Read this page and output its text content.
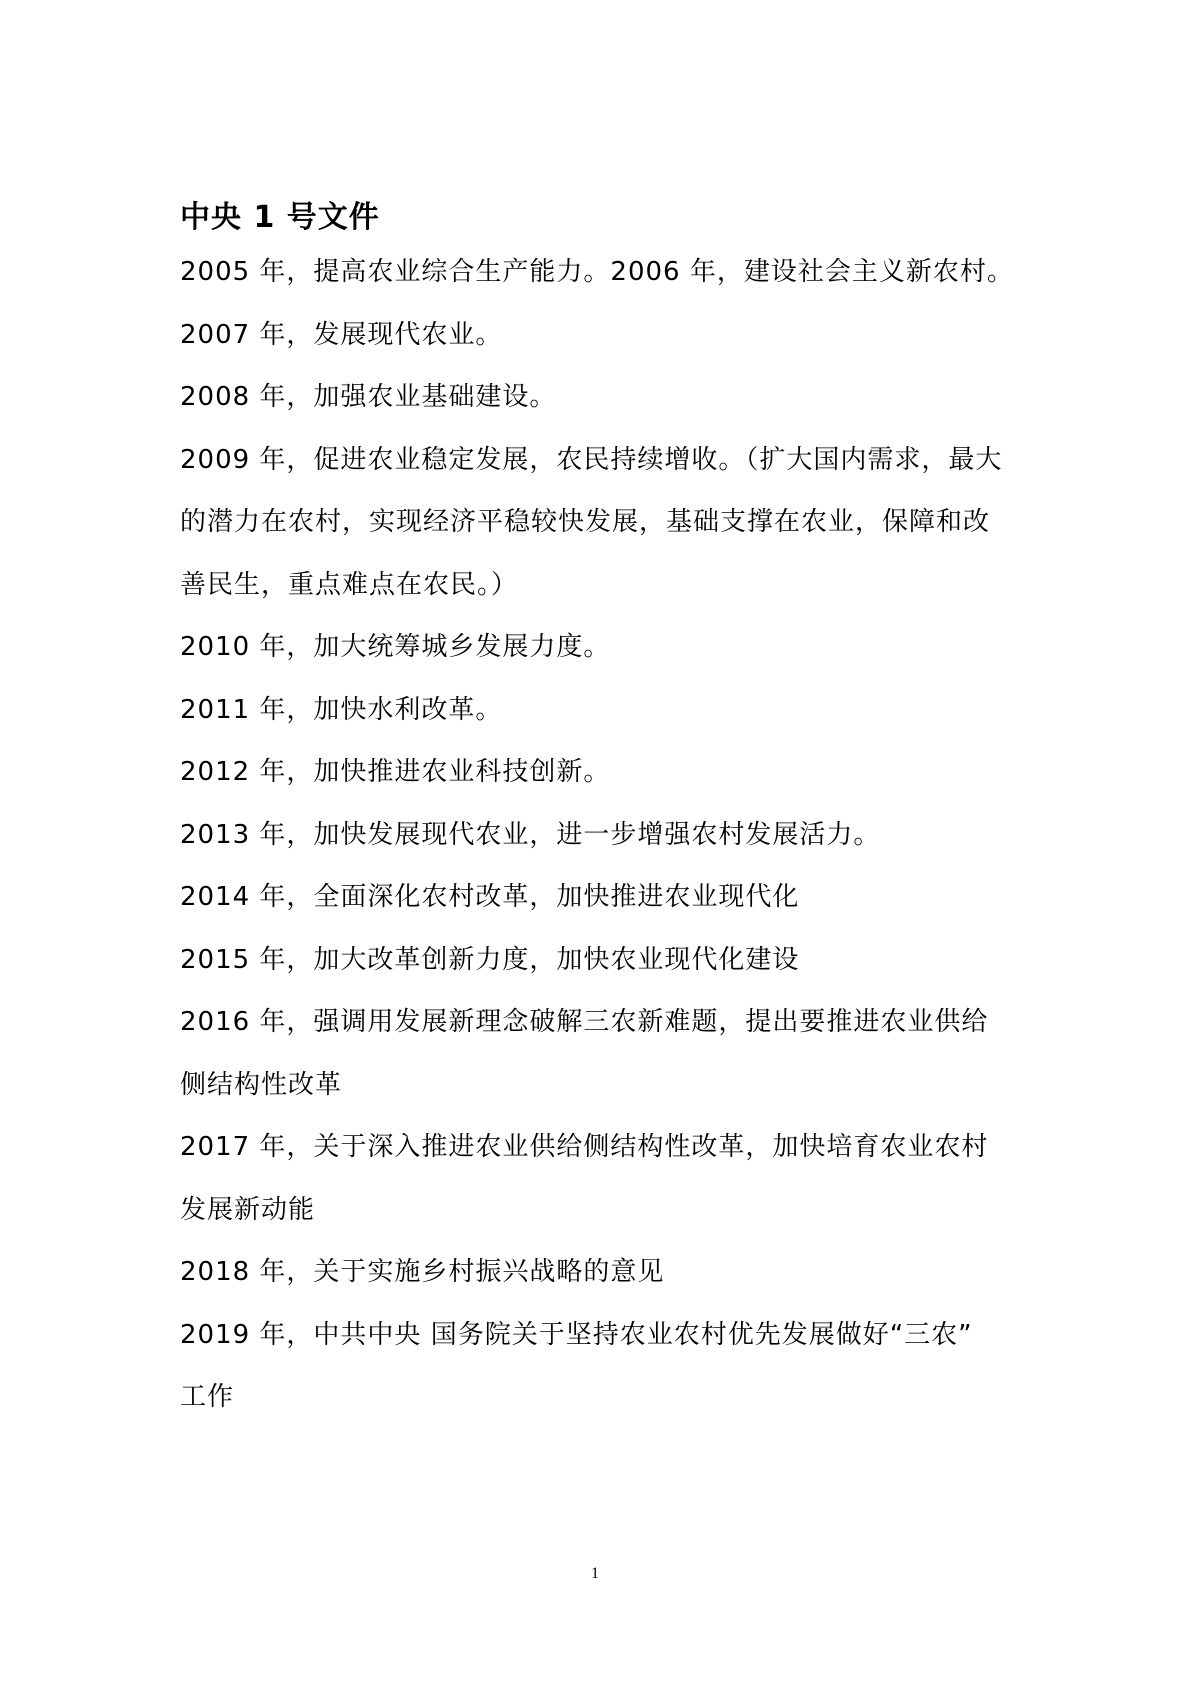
中央 1 号文件

2005 年，提高农业综合生产能力。2006 年，建设社会主义新农村。

2007 年，发展现代农业。

2008 年，加强农业基础建设。

2009 年，促进农业稳定发展，农民持续增收。（扩大国内需求，最大
的潜力在农村，实现经济平稳较快发展，基础支撑在农业，保障和改
善民生，重点难点在农民。）

2010 年，加大统筹城乡发展力度。

2011 年，加快水利改革。

2012 年，加快推进农业科技创新。

2013 年，加快发展现代农业，进一步增强农村发展活力。

2014 年，全面深化农村改革，加快推进农业现代化

2015 年，加大改革创新力度，加快农业现代化建设

2016 年，强调用发展新理念破解三农新难题，提出要推进农业供给
侧结构性改革

2017 年，关于深入推进农业供给侧结构性改革，加快培育农业农村
发展新动能

2018 年，关于实施乡村振兴战略的意见

2019 年，中共中央 国务院关于坚持农业农村优先发展做好“三农”
工作

1
